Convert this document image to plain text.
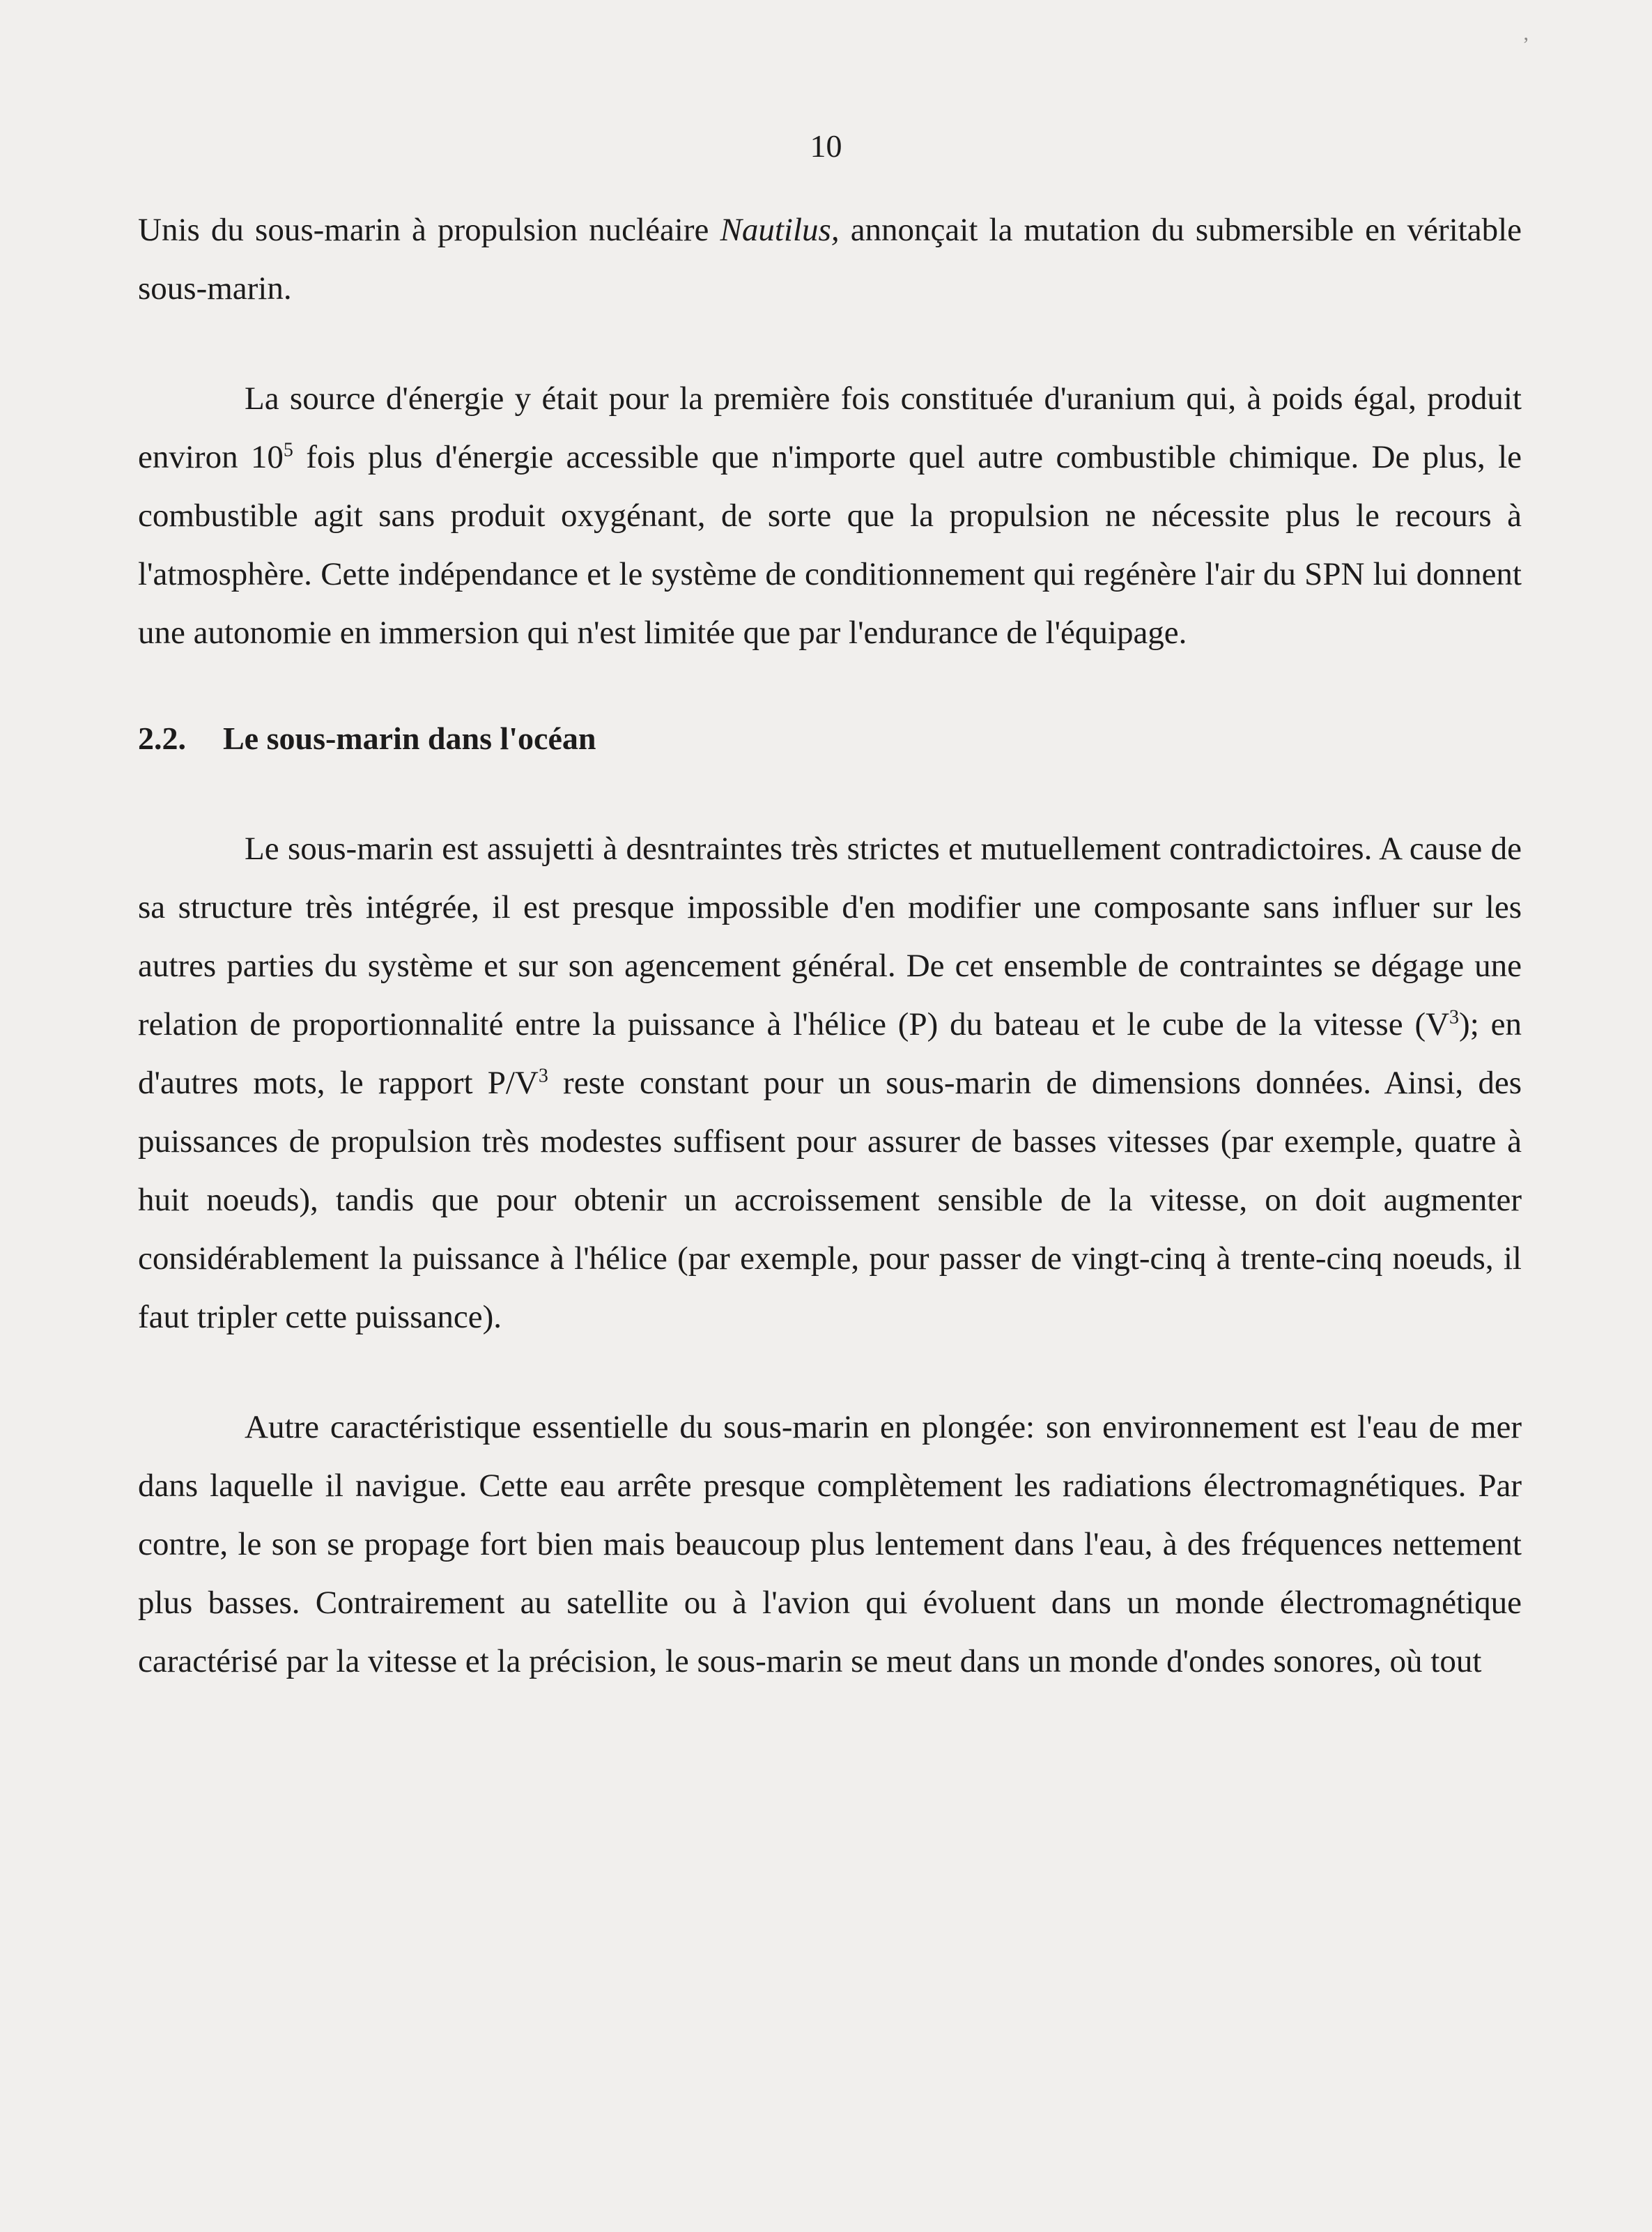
ʼ
10

Unis du sous-marin à propulsion nucléaire Nautilus, annonçait la mutation du submersible en véritable sous-marin.

La source d'énergie y était pour la première fois constituée d'uranium qui, à poids égal, produit environ $10^5$ fois plus d'énergie accessible que n'importe quel autre combustible chimique. De plus, le combustible agit sans produit oxygénant, de sorte que la propulsion ne nécessite plus le recours à l'atmosphère. Cette indépendance et le système de conditionnement qui regénère l'air du SPN lui donnent une autonomie en immersion qui n'est limitée que par l'endurance de l'équipage.

2.2. Le sous-marin dans l'océan

Le sous-marin est assujetti à desntraintes très strictes et mutuellement contradictoires. A cause de sa structure très intégrée, il est presque impossible d'en modifier une composante sans influer sur les autres parties du système et sur son agencement général. De cet ensemble de contraintes se dégage une relation de proportionnalité entre la puissance à l'hélice (P) du bateau et le cube de la vitesse $(V^3)$; en d'autres mots, le rapport $P/V^3$ reste constant pour un sous-marin de dimensions données. Ainsi, des puissances de propulsion très modestes suffisent pour assurer de basses vitesses (par exemple, quatre à huit noeuds), tandis que pour obtenir un accroissement sensible de la vitesse, on doit augmenter considérablement la puissance à l'hélice (par exemple, pour passer de vingt-cinq à trente-cinq noeuds, il faut tripler cette puissance).

Autre caractéristique essentielle du sous-marin en plongée: son environnement est l'eau de mer dans laquelle il navigue. Cette eau arrête presque complètement les radiations électromagnétiques. Par contre, le son se propage fort bien mais beaucoup plus lentement dans l'eau, à des fréquences nettement plus basses. Contrairement au satellite ou à l'avion qui évoluent dans un monde électromagnétique caractérisé par la vitesse et la précision, le sous-marin se meut dans un monde d'ondes sonores, où tout
